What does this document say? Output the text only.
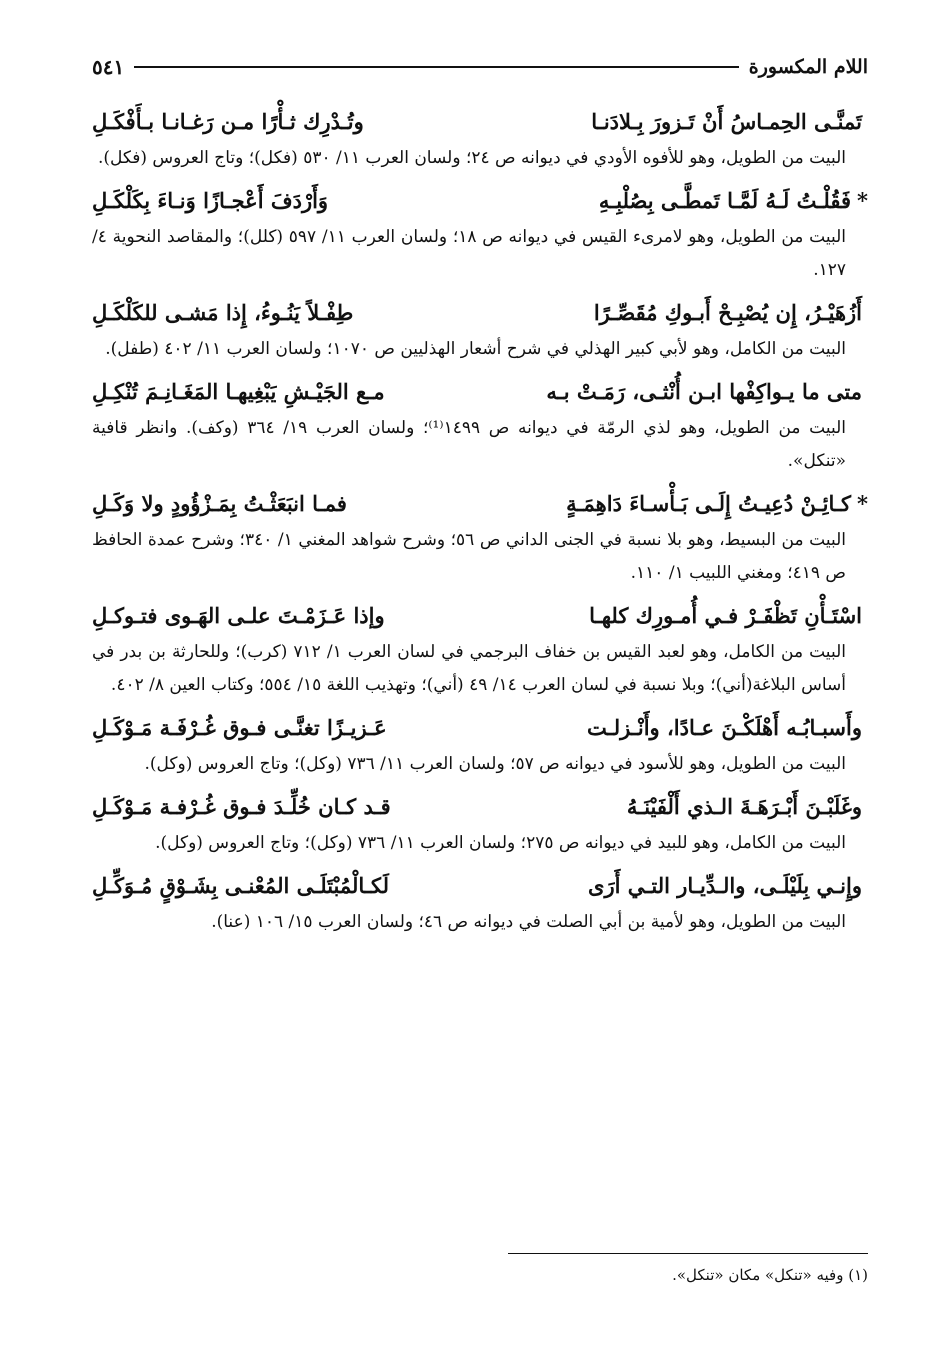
اللام المكسورة
٥٤١
تَمنَّـى الحِمـاسُ أَنْ تَـزورَ بِـلادَنـا
وتُـدْرِك ثـأْرًا مـن رَغـانـا بـأَفْكَـلِ
البيت من الطويل، وهو للأفوه الأودي في ديوانه ص ٢٤؛ ولسان العرب ١١/ ٥٣٠ (فكل)؛ وتاج العروس (فكل).
*
فَقُلْـتُ لَـهُ لَمَّـا تَمطَّـى بِصُلْبِـهِ
وَأَرْدَفَ أَعْجـازًا وَنـاءَ بِكَلْكَـلِ
البيت من الطويل، وهو لامرىء القيس في ديوانه ص ١٨؛ ولسان العرب ١١/ ٥٩٧ (كلل)؛ والمقاصد النحوية ٤/ ١٢٧.
أَزُهَيْـرُ، إِن يُصْبِـحْ أَبـوكِ مُقَصِّـرًا
طِفْـلاً يَنُـوءُ، إِذا مَشـى للكَلْكَـلِ
البيت من الكامل، وهو لأبي كبير الهذلي في شرح أشعار الهذليين ص ١٠٧٠؛ ولسان العرب ١١/ ٤٠٢ (طفل).
متى ما يـواكِفْها ابـن أُنْثـى، رَمَـتْ بـه
مـع الجَيْـشِ يَبْغِيهـا المَغَـانِـمَ تُنْكِـلِ
البيت من الطويل، وهو لذي الرمّة في ديوانه ص ١٤٩٩⁽¹⁾؛ ولسان العرب ١٩/ ٣٦٤ (وكف). وانظر قافية «تنكل».
*
كـائِـنْ دُعِيـتُ إِلَـى بَـأْسـاءَ دَاهِمَـةٍ
فمـا انبَعَثْـتُ بِمَـزْؤُودٍ ولا وَكَـلِ
البيت من البسيط، وهو بلا نسبة في الجنى الداني ص ٥٦؛ وشرح شواهد المغني ١/ ٣٤٠؛ وشرح عمدة الحافظ ص ٤١٩؛ ومغني اللبيب ١/ ١١٠.
اسْتَـأْنِ تَظْفَـرْ فـي أُمـورِك كلهـا
وإذا عَـزَمْـتَ علـى الهَـوى فتـوكـلِ
البيت من الكامل، وهو لعبد القيس بن خفاف البرجمي في لسان العرب ١/ ٧١٢ (كرب)؛ وللحارثة بن بدر في أساس البلاغة(أني)؛ وبلا نسبة في لسان العرب ١٤/ ٤٩ (أني)؛ وتهذيب اللغة ١٥/ ٥٥٤؛ وكتاب العين ٨/ ٤٠٢.
وأَسبـابُـه أَهْلَكْـنَ عـادًا، وأَنْـزلـت
عَـزيـزًا تغنَّـى فـوق غُـرْفَـة مَـوْكَـلِ
البيت من الطويل، وهو للأسود في ديوانه ص ٥٧؛ ولسان العرب ١١/ ٧٣٦ (وكل)؛ وتاج العروس (وكل).
وغَلَبْـنَ أَبْـرَهَـةَ الـذي أَلْفَيْنَـهُ
قـد كـان خُلِّـدَ فـوق غُـرْفـة مَـوْكَـلِ
البيت من الكامل، وهو للبيد في ديوانه ص ٢٧٥؛ ولسان العرب ١١/ ٧٣٦ (وكل)؛ وتاج العروس (وكل).
وإِنـي بِلَيْلَـى، والـدِّيـار التـي أَرَى
لَكـالْمُبْتَلَـى المُعْنـى بِشَـوْقٍ مُـوَكِّـلِ
البيت من الطويل، وهو لأمية بن أبي الصلت في ديوانه ص ٤٦؛ ولسان العرب ١٥/ ١٠٦ (عنا).
(١) وفيه «تنكل» مكان «تنكل».
